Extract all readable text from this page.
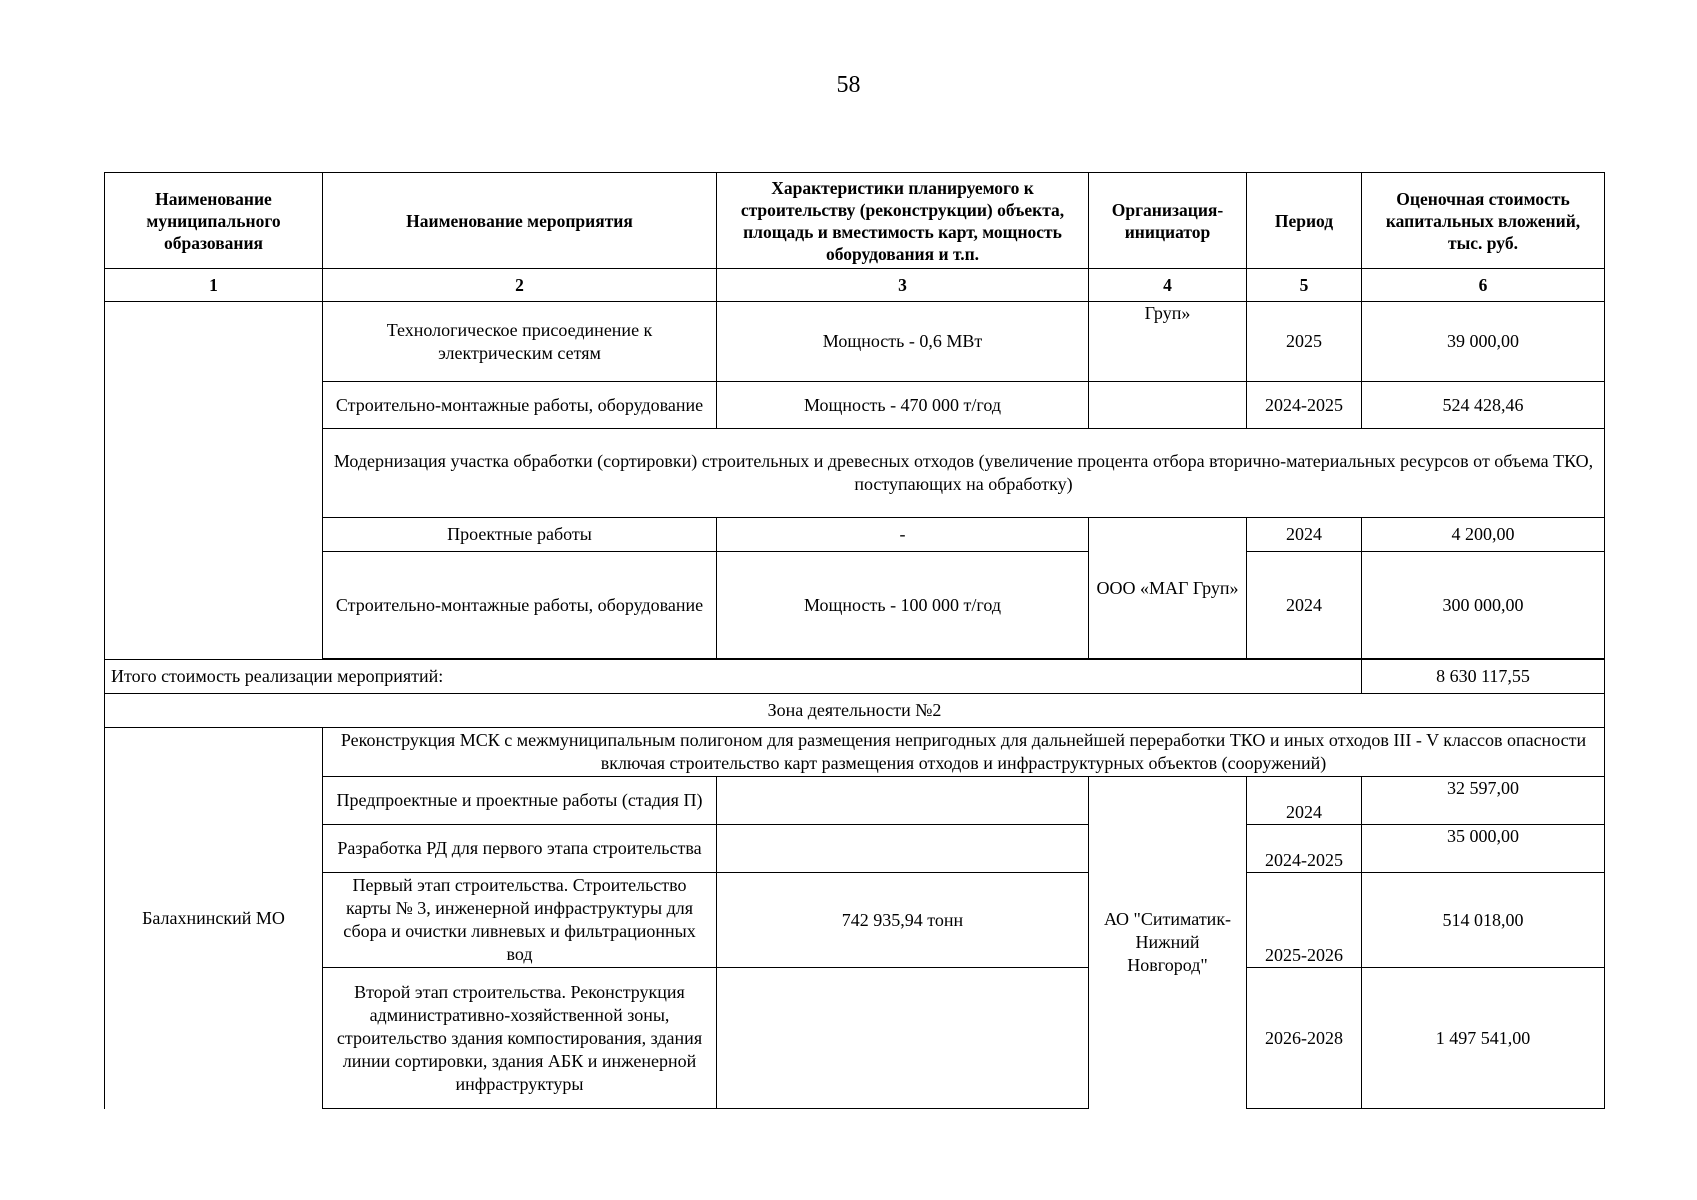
58
Наименование муниципального образования	Наименование мероприятия	Характеристики планируемого к строительству (реконструкции) объекта, площадь и вместимость карт, мощность оборудования и т.п.	Организация-инициатор	Период	Оценочная стоимость капитальных вложений, тыс. руб.
1	2	3	4	5	6
	Технологическое присоединение к электрическим сетям	Мощность - 0,6 МВт	Груп»	2025	39 000,00
	Строительно-монтажные работы, оборудование	Мощность - 470 000 т/год		2024-2025	524 428,46
	Модернизация участка обработки (сортировки) строительных и древесных отходов (увеличение процента отбора вторично-материальных ресурсов от объема ТКО, поступающих на обработку)				
	Проектные работы	-	ООО «МАГ Груп»	2024	4 200,00
	Строительно-монтажные работы, оборудование	Мощность - 100 000 т/год		2024	300 000,00

Итого стоимость реализации мероприятий:					8 630 117,55
Зона деятельности №2					
Балахнинский МО	Реконструкция МСК с межмуниципальным полигоном для размещения непригодных для дальнейшей переработки ТКО и иных отходов III - V классов опасности включая строительство карт размещения отходов и инфраструктурных объектов (сооружений)				
	Предпроектные и проектные работы (стадия П)		АО "Ситиматик-Нижний Новгород"	2024	32 597,00
	Разработка РД для первого этапа строительства			2024-2025	35 000,00
	Первый этап строительства. Строительство карты № 3, инженерной инфраструктуры для сбора и очистки ливневых и фильтрационных вод	742 935,94 тонн		2025-2026	514 018,00
	Второй этап строительства. Реконструкция административно-хозяйственной зоны, строительство здания компостирования, здания линии сортировки, здания АБК и инженерной инфраструктуры			2026-2028	1 497 541,00
